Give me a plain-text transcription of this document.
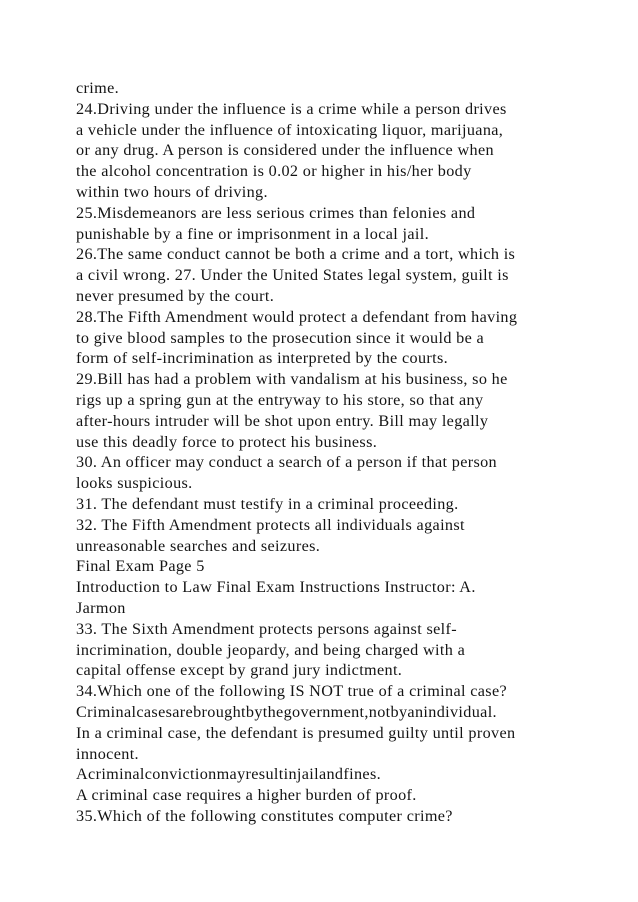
crime.
24.Driving under the influence is a crime while a person drives
a vehicle under the influence of intoxicating liquor, marijuana,
or any drug. A person is considered under the influence when
the alcohol concentration is 0.02 or higher in his/her body
within two hours of driving.
25.Misdemeanors are less serious crimes than felonies and
punishable by a fine or imprisonment in a local jail.
26.The same conduct cannot be both a crime and a tort, which is
a civil wrong. 27. Under the United States legal system, guilt is
never presumed by the court.
28.The Fifth Amendment would protect a defendant from having
to give blood samples to the prosecution since it would be a
form of self-incrimination as interpreted by the courts.
29.Bill has had a problem with vandalism at his business, so he
rigs up a spring gun at the entryway to his store, so that any
after-hours intruder will be shot upon entry. Bill may legally
use this deadly force to protect his business.
30. An officer may conduct a search of a person if that person
looks suspicious.
31. The defendant must testify in a criminal proceeding.
32. The Fifth Amendment protects all individuals against
unreasonable searches and seizures.
Final Exam Page 5
Introduction to Law Final Exam Instructions Instructor: A.
Jarmon
33. The Sixth Amendment protects persons against self-
incrimination, double jeopardy, and being charged with a
capital offense except by grand jury indictment.
34.Which one of the following IS NOT true of a criminal case?
Criminalcasesarebroughtbythegovernment,notbyanindividual.
In a criminal case, the defendant is presumed guilty until proven
innocent.
Acriminalconvictionmayresultinjailandfines.
A criminal case requires a higher burden of proof.
35.Which of the following constitutes computer crime?
